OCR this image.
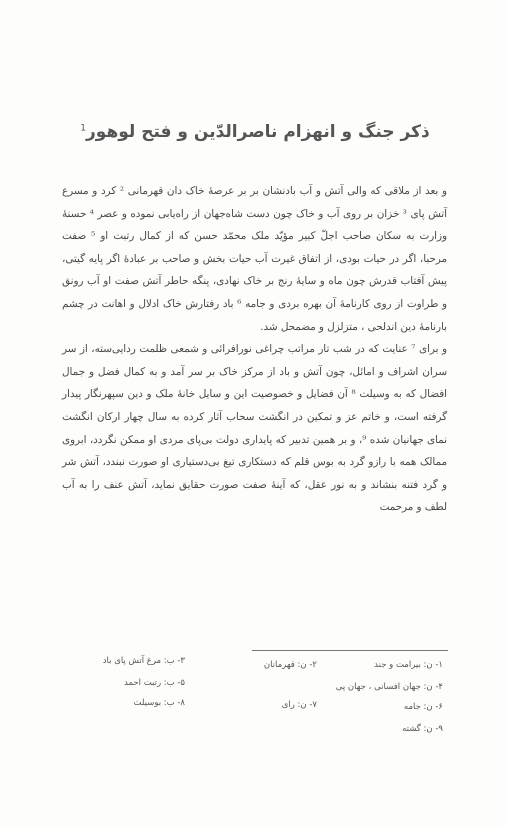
ذکر جنگ و انهزام ناصرالدّین و فتح لوهور$^1$

و بعد از ملاقی که والی آتش و آب بادنشان بر بر عرصهٔ خاک دان قهرمانی ² کرد و مسرع آتش پای ³ خزان بر روی آب و خاک چون دست شاه‌جهان از راه‌یابی نموده و عصر ⁴ حسنهٔ وزارت به سکان صاحب اجلّ کبیر مؤیّد ملک محمّد حسن که از کمال رتبت او ⁵ صفت مرحبا، اگر در حیات بودی، از اتفاق غیرت آب حیات بخش و صاحب بر عبادهٔ اگر پایه گیتی، پیش آفتاب قدرش چون ماه و سایهٔ رنج بر خاک نهادی، پنگه حاطر آتش صفت او آب رونق و طراوت از روی کارنامهٔ آن بهره بردی و جامه ⁶ باد رفتارش خاک ادلال و اهانت در چشم بارنامهٔ دین اندلحی ، متزلزل و مضمحل شد.

و برای ⁷ عنایت که در شب تار مراتب چراغی نورافرائی و شمعی ظلمت ردایی‌سته، از سر سران اشراف و امائل، چون آتش و باد از مرکز خاک بر سر آمد و به کمال فضل و جمال افضال که به وسیلت ⁸ آن فضایل و خصوصیت این و سایل خانهٔ ملک و دین سپهرنگار پیدار گرفته است، و خاتم عز و تمکین در انگشت سحاب آثار کرده به سال چهار ارکان انگشت نمای جهانیان شده ⁹، و بر همین تدبیر که پایداری دولت بی‌پای مردی او ممکن نگردد، ابروی ممالک همه با رازو گرد به بوس قلم که دستکاری تیغ بی‌دستیاری او صورت نبندد، آتش شر و گرد فتنه بنشاند و به نور عقل، که آینهٔ صفت صورت حقایق نماید، آتش عنف را به آب لطف و مرحمت

۱- ن: بیرامت و جند
۲- ن: قهرمانان
۳- ب: مرغ آتش پای باد
۴- ن: جهان افسانی ، جهان پی
۵- ب: رتبت احمد
۶- ن: جامه
۷- ن: رای
۸- ب: بوسیلت
۹- ن: گشته
